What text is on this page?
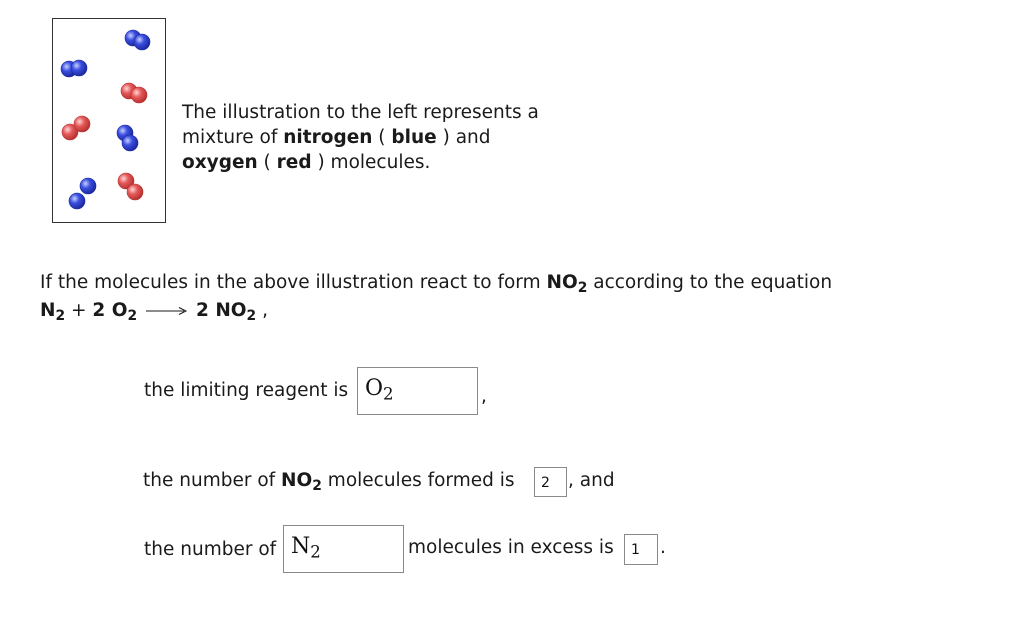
The illustration to the left represents a
mixture of nitrogen ( blue ) and
oxygen ( red ) molecules.
If the molecules in the above illustration react to form $NO_2$ according to the equation
$N_2 + 2$ $O_2 \to 2$ $NO_2$ ,
the limiting reagent is $O_2$	,
the number of $NO_2$ molecules formed is 2 , and
the number of $N_2$	molecules in excess is 1 .
